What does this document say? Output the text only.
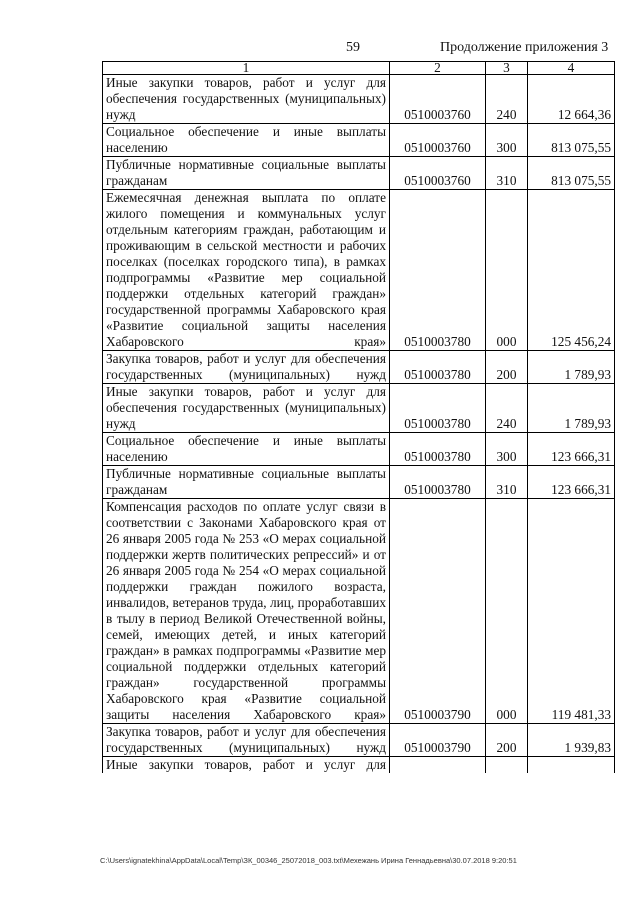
59	Продолжение приложения 3
1	2	3	4
Иные закупки товаров, работ и услуг для обеспечения государственных (муниципальных) нужд	0510003760	240	12 664,36
Социальное обеспечение и иные выплаты населению	0510003760	300	813 075,55
Публичные нормативные социальные выплаты гражданам	0510003760	310	813 075,55
Ежемесячная денежная выплата по оплате жилого помещения и коммунальных услуг отдельным категориям граждан, работающим и проживающим в сельской местности и рабочих поселках (поселках городского типа), в рамках подпрограммы «Развитие мер социальной поддержки отдельных категорий граждан» государственной программы Хабаровского края «Развитие социальной защиты населения Хабаровского края»	0510003780	000	125 456,24
Закупка товаров, работ и услуг для обеспечения государственных (муниципальных) нужд	0510003780	200	1 789,93
Иные закупки товаров, работ и услуг для обеспечения государственных (муниципальных) нужд	0510003780	240	1 789,93
Социальное обеспечение и иные выплаты населению	0510003780	300	123 666,31
Публичные нормативные социальные выплаты гражданам	0510003780	310	123 666,31
Компенсация расходов по оплате услуг связи в соответствии с Законами Хабаровского края от 26 января 2005 года № 253 «О мерах социальной поддержки жертв политических репрессий» и от 26 января 2005 года № 254 «О мерах социальной поддержки граждан пожилого возраста, инвалидов, ветеранов труда, лиц, проработавших в тылу в период Великой Отечественной войны, семей, имеющих детей, и иных категорий граждан» в рамках подпрограммы «Развитие мер социальной поддержки отдельных категорий граждан» государственной программы Хабаровского края «Развитие социальной защиты населения Хабаровского края»	0510003790	000	119 481,33
Закупка товаров, работ и услуг для обеспечения государственных (муниципальных) нужд	0510003790	200	1 939,83
Иные закупки товаров, работ и услуг для			
C:\Users\ignatekhina\AppData\Local\Temp\ЗК_00346_25072018_003.txt\Мехежань Ирина Геннадьевна\30.07.2018 9:20:51
